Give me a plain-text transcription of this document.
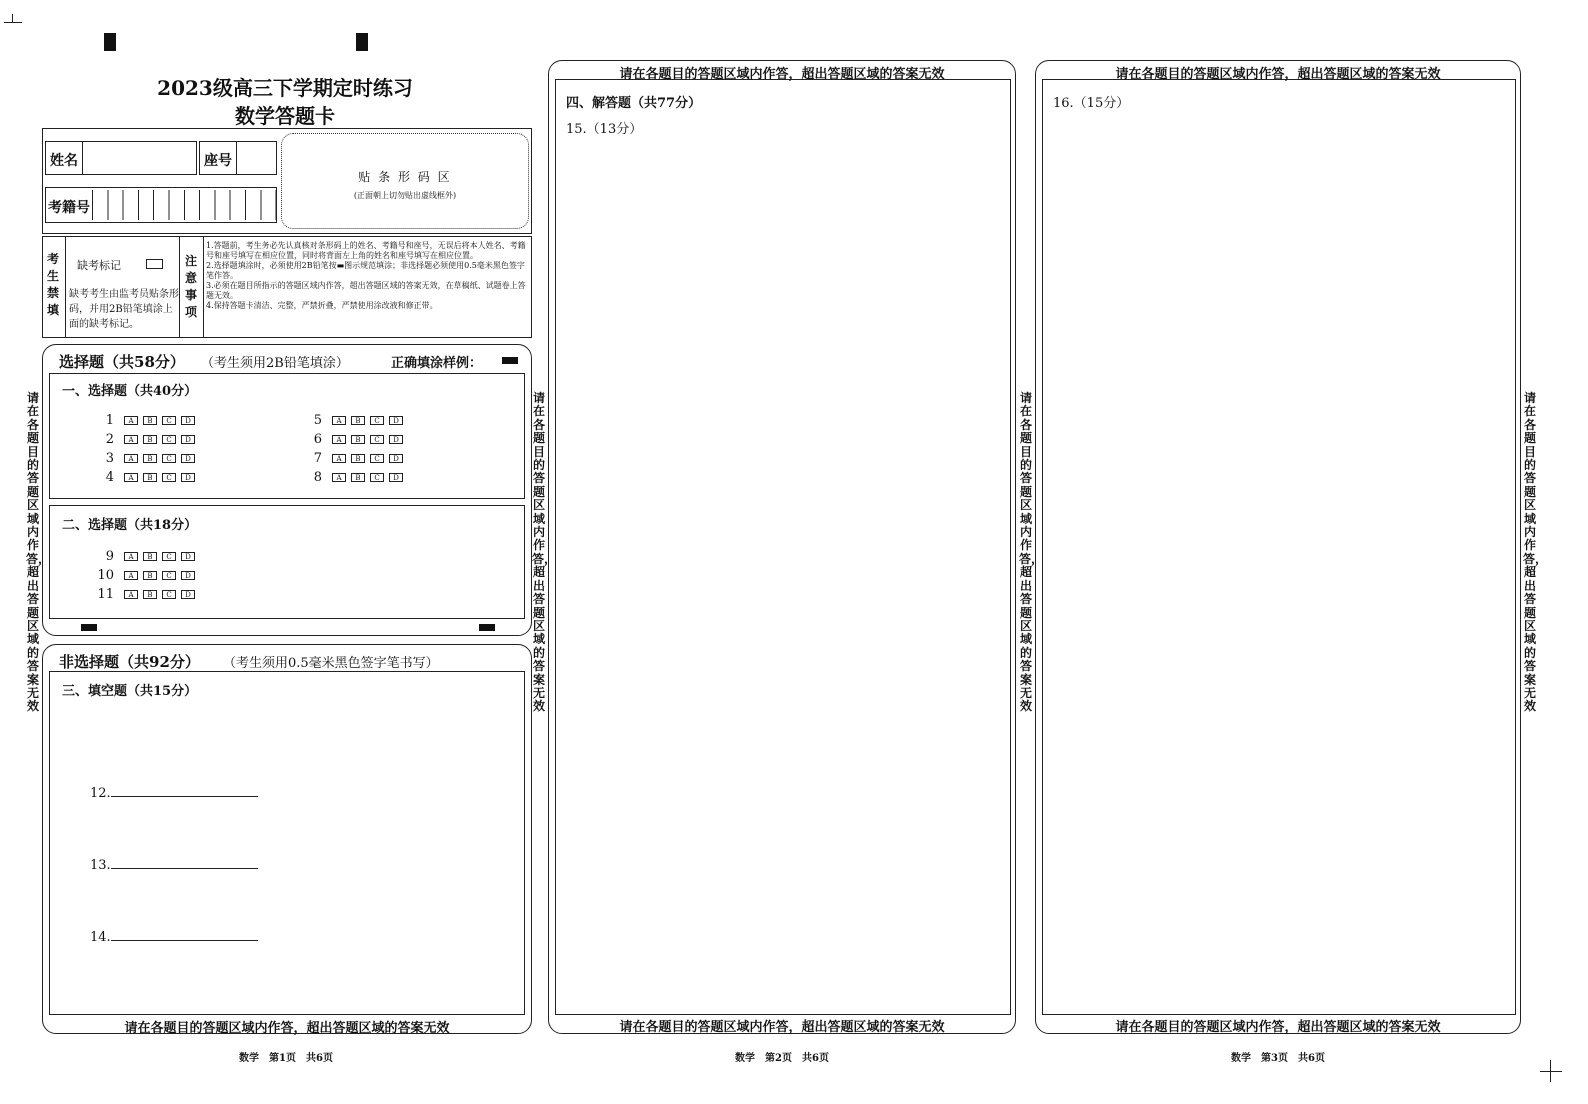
2023级高三下学期定时练习
数学答题卡
姓名	座号
考籍号
贴 条 形 码 区
(正面朝上切勿贴出虚线框外)
考生禁填
缺考标记
缺考考生由监考员贴条形码，并用2B铅笔填涂上面的缺考标记。
注意事项
1.答题前，考生务必先认真核对条形码上的姓名、考籍号和座号，无误后将本人姓名、考籍号和座号填写在相应位置，同时将背面左上角的姓名和座号填写在相应位置。
2.选择题填涂时，必须使用2B铅笔按▬图示规范填涂；非选择题必须使用0.5毫米黑色签字笔作答。
3.必须在题目所指示的答题区域内作答，超出答题区域的答案无效，在草稿纸、试题卷上答题无效。
4.保持答题卡清洁、完整，严禁折叠，严禁使用涂改液和修正带。
选择题（共58分） （考生须用2B铅笔填涂）	正确填涂样例：
一、选择题（共40分）
1 A B C D
2 A B C D
3 A B C D
4 A B C D
5 A B C D
6 A B C D
7 A B C D
8 A B C D
二、选择题（共18分）
9 A B C D
10 A B C D
11 A B C D
非选择题（共92分） （考生须用0.5毫米黑色签字笔书写）
三、填空题（共15分）
12.
13.
14.
请在各题目的答题区域内作答，超出答题区域的答案无效
请在各题目的答题区域内作答，超出答题区域的答案无效
请在各题目的答题区域内作答，超出答题区域的答案无效
请在各题目的答题区域内作答，超出答题区域的答案无效
请在各题目的答题区域内作答，超出答题区域的答案无效
请在各题目的答题区域内作答，超出答题区域的答案无效
四、解答题（共77分）
15.（13分）
请在各题目的答题区域内作答，超出答题区域的答案无效
请在各题目的答题区域内作答，超出答题区域的答案无效
16.（15分）
请在各题目的答题区域内作答，超出答题区域的答案无效
数学　第1页　共6页	数学　第2页　共6页	数学　第3页　共6页
